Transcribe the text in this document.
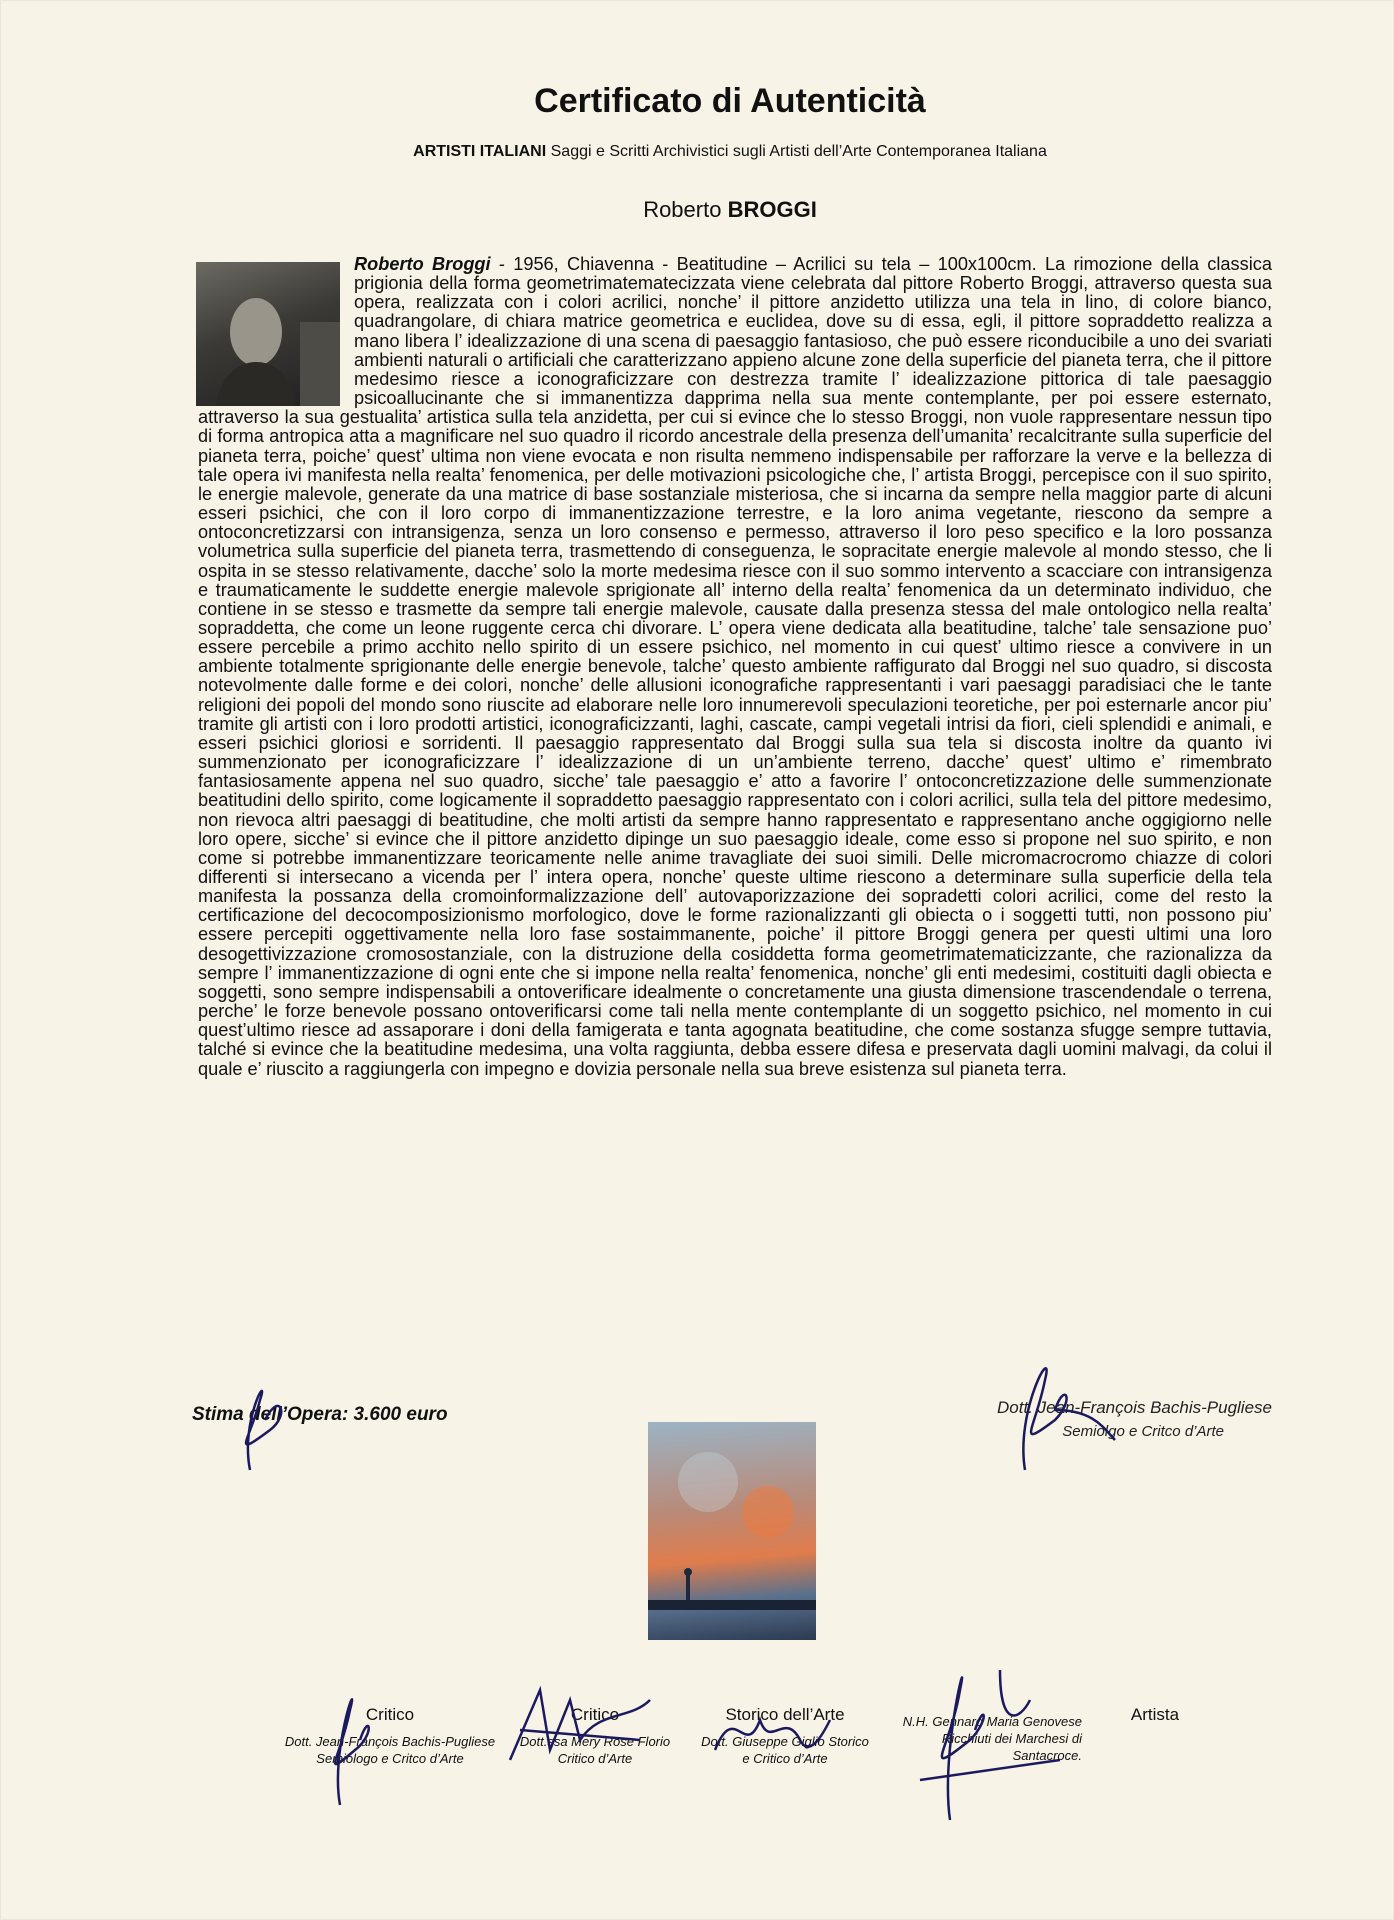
Certificato di Autenticità
ARTISTI ITALIANI Saggi e Scritti Archivistici sugli Artisti dell’Arte Contemporanea Italiana
Roberto BROGGI

Roberto Broggi - 1956, Chiavenna - Beatitudine – Acrilici su tela – 100x100cm. La rimozione della classica prigionia della forma geometrimatematecizzata viene celebrata dal pittore Roberto Broggi, attraverso questa sua opera, realizzata con i colori acrilici, nonche’ il pittore anzidetto utilizza una tela in lino, di colore bianco, quadrangolare, di chiara matrice geometrica e euclidea, dove su di essa, egli, il pittore sopraddetto realizza a mano libera l’ idealizzazione di una scena di paesaggio fantasioso, che può essere riconducibile a uno dei svariati ambienti naturali o artificiali che caratterizzano appieno alcune zone della superficie del pianeta terra, che il pittore medesimo riesce a iconograficizzare con destrezza tramite l’ idealizzazione pittorica di tale paesaggio psicoallucinante che si immanentizza dapprima nella sua mente contemplante, per poi essere esternato, attraverso la sua gestualita’ artistica sulla tela anzidetta, per cui si evince che lo stesso Broggi, non vuole rappresentare nessun tipo di forma antropica atta a magnificare nel suo quadro il ricordo ancestrale della presenza dell’umanita’ recalcitrante sulla superficie del pianeta terra, poiche’ quest’ ultima non viene evocata e non risulta nemmeno indispensabile per rafforzare la verve e la bellezza di tale opera ivi manifesta nella realta’ fenomenica, per delle motivazioni psicologiche che, l’ artista Broggi, percepisce con il suo spirito, le energie malevole, generate da una matrice di base sostanziale misteriosa, che si incarna da sempre nella maggior parte di alcuni esseri psichici, che con il loro corpo di immanentizzazione terrestre, e la loro anima vegetante, riescono da sempre a ontoconcretizzarsi con intransigenza, senza un loro consenso e permesso, attraverso il loro peso specifico e la loro possanza volumetrica sulla superficie del pianeta terra, trasmettendo di conseguenza, le sopracitate energie malevole al mondo stesso, che li ospita in se stesso relativamente, dacche’ solo la morte medesima riesce con il suo sommo intervento a scacciare con intransigenza e traumaticamente le suddette energie malevole sprigionate all’ interno della realta’ fenomenica da un determinato individuo, che contiene in se stesso e trasmette da sempre tali energie malevole, causate dalla presenza stessa del male ontologico nella realta’ sopraddetta, che come un leone ruggente cerca chi divorare. L’ opera viene dedicata alla beatitudine, talche’ tale sensazione puo’ essere percebile a primo acchito nello spirito di un essere psichico, nel momento in cui quest’ ultimo riesce a convivere in un ambiente totalmente sprigionante delle energie benevole, talche’ questo ambiente raffigurato dal Broggi nel suo quadro, si discosta notevolmente dalle forme e dei colori, nonche’ delle allusioni iconografiche rappresentanti i vari paesaggi paradisiaci che le tante religioni dei popoli del mondo sono riuscite ad elaborare nelle loro innumerevoli speculazioni teoretiche, per poi esternarle ancor piu’ tramite gli artisti con i loro prodotti artistici, iconograficizzanti, laghi, cascate, campi vegetali intrisi da fiori, cieli splendidi e animali, e esseri psichici gloriosi e sorridenti. Il paesaggio rappresentato dal Broggi sulla sua tela si discosta inoltre da quanto ivi summenzionato per iconograficizzare l’ idealizzazione di un un’ambiente terreno, dacche’ quest’ ultimo e’ rimembrato fantasiosamente appena nel suo quadro, sicche’ tale paesaggio e’ atto a favorire l’ ontoconcretizzazione delle summenzionate beatitudini dello spirito, come logicamente il sopraddetto paesaggio rappresentato con i colori acrilici, sulla tela del pittore medesimo, non rievoca altri paesaggi di beatitudine, che molti artisti da sempre hanno rappresentato e rappresentano anche oggigiorno nelle loro opere, sicche’ si evince che il pittore anzidetto dipinge un suo paesaggio ideale, come esso si propone nel suo spirito, e non come si potrebbe immanentizzare teoricamente nelle anime travagliate dei suoi simili. Delle micromacrocromo chiazze di colori differenti si intersecano a vicenda per l’ intera opera, nonche’ queste ultime riescono a determinare sulla superficie della tela manifesta la possanza della cromoinformalizzazione dell’ autovaporizzazione dei sopradetti colori acrilici, come del resto la certificazione del decocomposizionismo morfologico, dove le forme razionalizzanti gli obiecta o i soggetti tutti, non possono piu’ essere percepiti oggettivamente nella loro fase sostaimmanente, poiche’ il pittore Broggi genera per questi ultimi una loro desogettivizzazione cromosostanziale, con la distruzione della cosiddetta forma geometrimatematicizzante, che razionalizza da sempre l’ immanentizzazione di ogni ente che si impone nella realta’ fenomenica, nonche’ gli enti medesimi, costituiti dagli obiecta e soggetti, sono sempre indispensabili a ontoverificare idealmente o concretamente una giusta dimensione trascendendale o terrena, perche’ le forze benevole possano ontoverificarsi come tali nella mente contemplante di un soggetto psichico, nel momento in cui quest’ultimo riesce ad assaporare i doni della famigerata e tanta agognata beatitudine, che come sostanza sfugge sempre tuttavia, talché si evince che la beatitudine medesima, una volta raggiunta, debba essere difesa e preservata dagli uomini malvagi, da colui il quale e’ riuscito a raggiungerla con impegno e dovizia personale nella sua breve esistenza sul pianeta terra.

Stima dell’Opera: 3.600 euro	Dott. Jean-François Bachis-Pugliese
Semiolgo e Critco d’Arte
Critico
Dott. Jean-François Bachis-Pugliese Semiologo e Critco d’Arte
Critico
Dott.ssa Mery Rose Florio Critico d’Arte
Storico dell’Arte
Dott. Giuseppe Giglio Storico e Critico d’Arte
N.H. Gennaro Maria Genovese Ricchiuti dei Marchesi di Santacroce.
Artista
